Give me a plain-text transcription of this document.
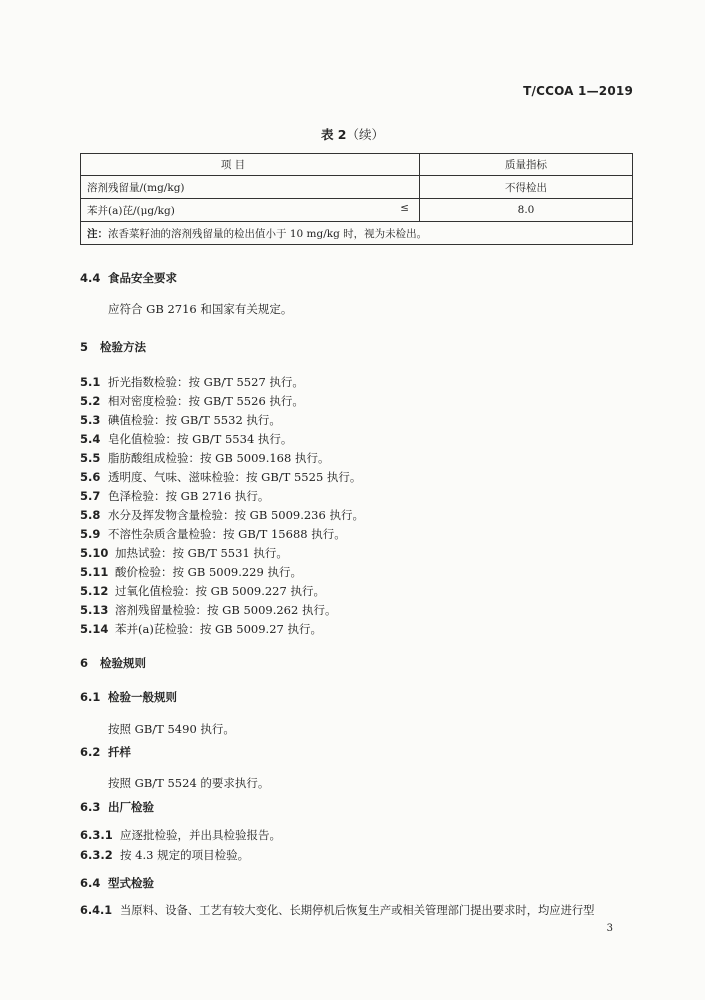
T/CCOA 1—2019
表 2（续）
项 目	质量指标
溶剂残留量/(mg/kg)	不得检出
苯并(a)芘/(μg/kg) ≤	8.0
注：浓香菜籽油的溶剂残留量的检出值小于 10 mg/kg 时，视为未检出。	
4.4 食品安全要求
应符合 GB 2716 和国家有关规定。
5 检验方法
5.1 折光指数检验：按 GB/T 5527 执行。
5.2 相对密度检验：按 GB/T 5526 执行。
5.3 碘值检验：按 GB/T 5532 执行。
5.4 皂化值检验：按 GB/T 5534 执行。
5.5 脂肪酸组成检验：按 GB 5009.168 执行。
5.6 透明度、气味、滋味检验：按 GB/T 5525 执行。
5.7 色泽检验：按 GB 2716 执行。
5.8 水分及挥发物含量检验：按 GB 5009.236 执行。
5.9 不溶性杂质含量检验：按 GB/T 15688 执行。
5.10 加热试验：按 GB/T 5531 执行。
5.11 酸价检验：按 GB 5009.229 执行。
5.12 过氧化值检验：按 GB 5009.227 执行。
5.13 溶剂残留量检验：按 GB 5009.262 执行。
5.14 苯并(a)芘检验：按 GB 5009.27 执行。
6 检验规则
6.1 检验一般规则
按照 GB/T 5490 执行。
6.2 扦样
按照 GB/T 5524 的要求执行。
6.3 出厂检验
6.3.1 应逐批检验，并出具检验报告。
6.3.2 按 4.3 规定的项目检验。
6.4 型式检验
6.4.1 当原料、设备、工艺有较大变化、长期停机后恢复生产或相关管理部门提出要求时，均应进行型
3
